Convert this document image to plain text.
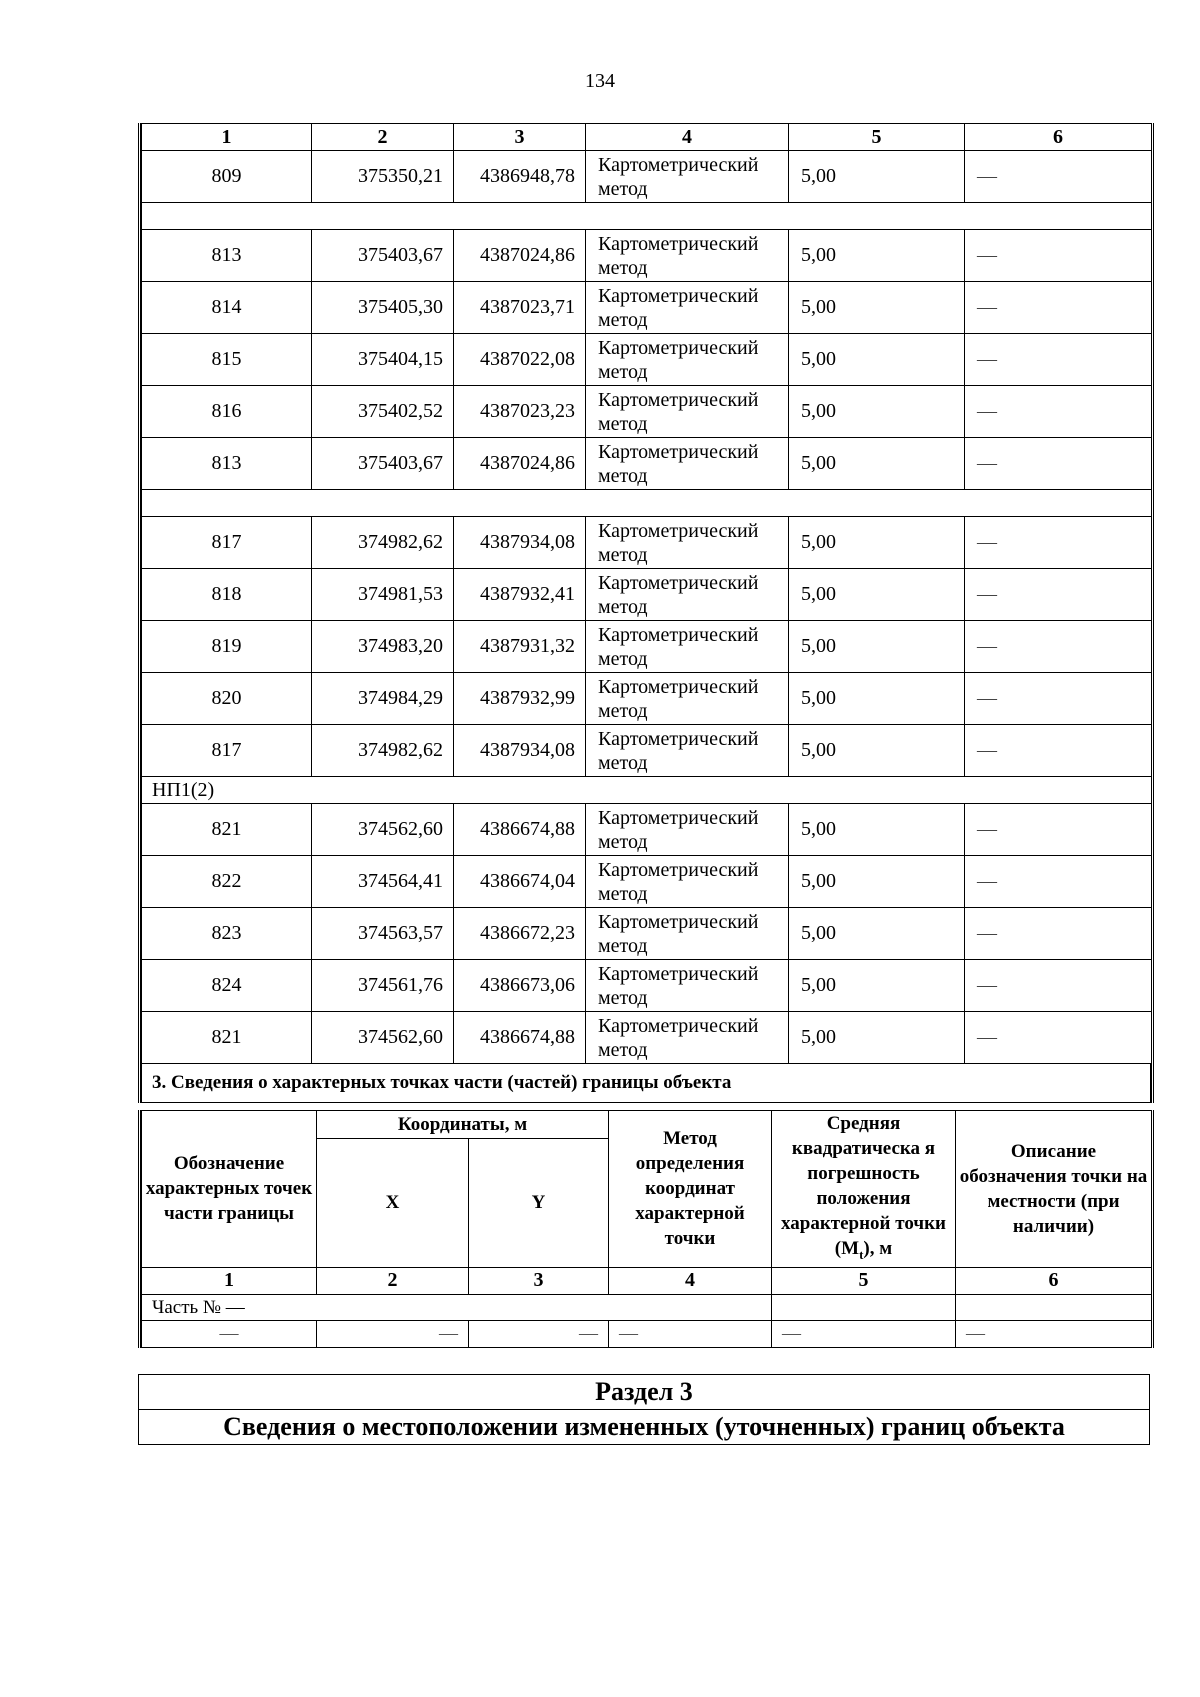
134
1	2	3	4	5	6
809	375350,21	4386948,78	Картометрический метод	5,00	—

813	375403,67	4387024,86	Картометрический метод	5,00	—
814	375405,30	4387023,71	Картометрический метод	5,00	—
815	375404,15	4387022,08	Картометрический метод	5,00	—
816	375402,52	4387023,23	Картометрический метод	5,00	—
813	375403,67	4387024,86	Картометрический метод	5,00	—

817	374982,62	4387934,08	Картометрический метод	5,00	—
818	374981,53	4387932,41	Картометрический метод	5,00	—
819	374983,20	4387931,32	Картометрический метод	5,00	—
820	374984,29	4387932,99	Картометрический метод	5,00	—
817	374982,62	4387934,08	Картометрический метод	5,00	—
НП1(2)					
821	374562,60	4386674,88	Картометрический метод	5,00	—
822	374564,41	4386674,04	Картометрический метод	5,00	—
823	374563,57	4386672,23	Картометрический метод	5,00	—
824	374561,76	4386673,06	Картометрический метод	5,00	—
821	374562,60	4386674,88	Картометрический метод	5,00	—
3. Сведения о характерных точках части (частей) границы объекта
Обозначение характерных точек части границы	Координаты, м		Метод определения координат характерной точки	Средняя квадратическа я погрешность положения характерной точки $(M_t)$, м	Описание обозначения точки на местности (при наличии)
	X	Y			
1	2	3	4	5	6
Часть № —					
—	—	—	—	—	—
Раздел 3
Сведения о местоположении измененных (уточненных) границ объекта
